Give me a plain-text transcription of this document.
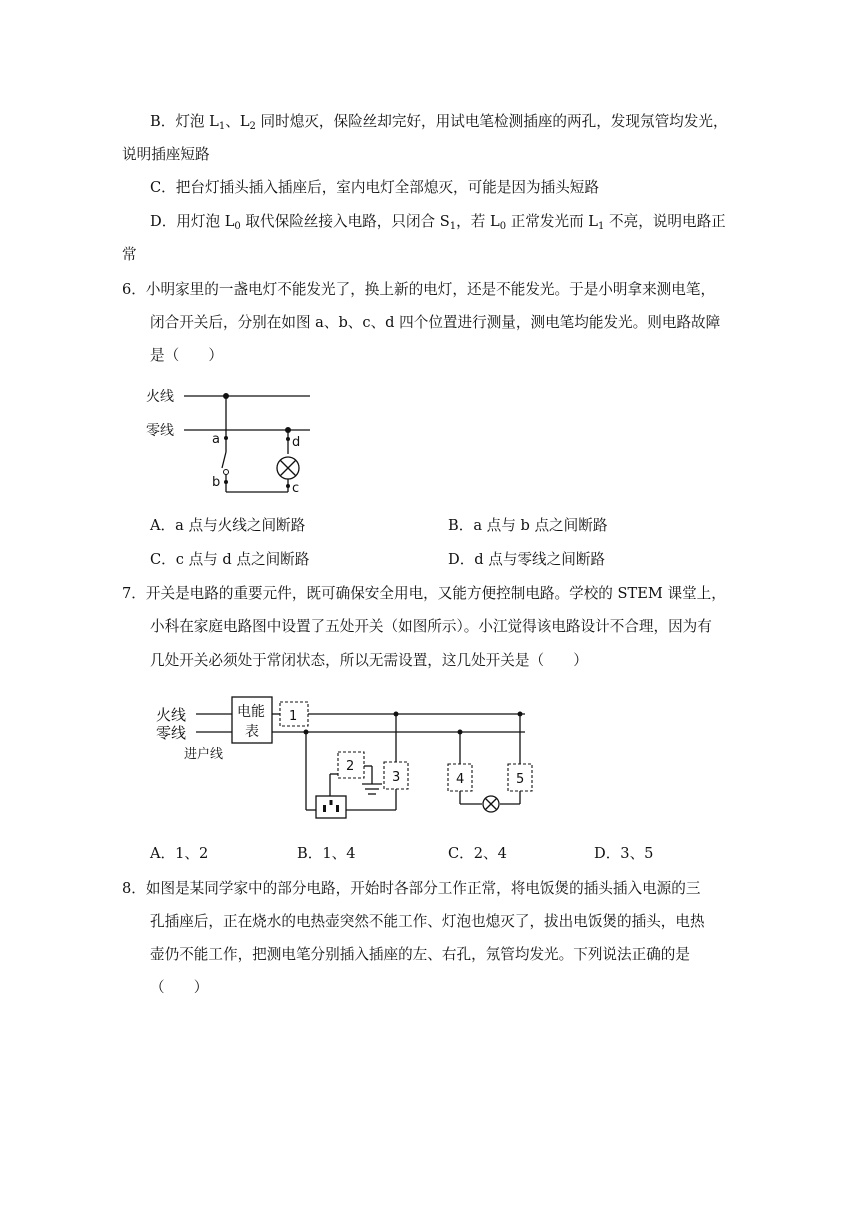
B．灯泡 $L_1$、$L_2$ 同时熄灭，保险丝却完好，用试电笔检测插座的两孔，发现氖管均发光，
说明插座短路
C．把台灯插头插入插座后，室内电灯全部熄灭，可能是因为插头短路
D．用灯泡 $L_0$ 取代保险丝接入电路，只闭合 $S_1$，若 $L_0$ 正常发光而 $L_1$ 不亮，说明电路正
常
6．小明家里的一盏电灯不能发光了，换上新的电灯，还是不能发光。于是小明拿来测电笔，
闭合开关后，分别在如图 a、b、c、d 四个位置进行测量，测电笔均能发光。则电路故障
是（　　）
火线
零线
a
b	c
d
A．a 点与火线之间断路	B．a 点与 b 点之间断路
C．c 点与 d 点之间断路	D．d 点与零线之间断路
7．开关是电路的重要元件，既可确保安全用电，又能方便控制电路。学校的 STEM 课堂上，
小科在家庭电路图中设置了五处开关（如图所示）。小江觉得该电路设计不合理，因为有
几处开关必须处于常闭状态，所以无需设置，这几处开关是（　　）
火线
零线
进户线
电能
表
1
2
3	4	5
A．1、2	B．1、4	C．2、4	D．3、5
8．如图是某同学家中的部分电路，开始时各部分工作正常，将电饭煲的插头插入电源的三
孔插座后，正在烧水的电热壶突然不能工作、灯泡也熄灭了，拔出电饭煲的插头，电热
壶仍不能工作，把测电笔分别插入插座的左、右孔，氖管均发光。下列说法正确的是
（　　）
